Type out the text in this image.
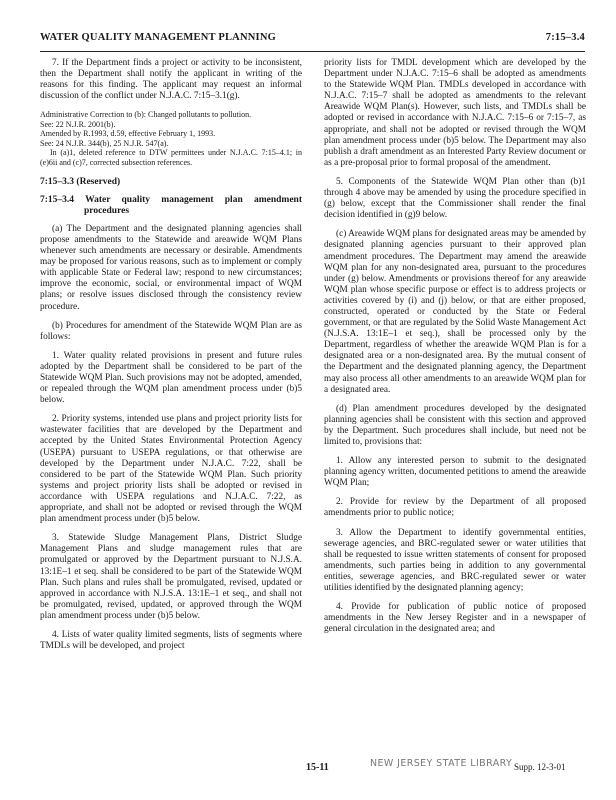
WATER QUALITY MANAGEMENT PLANNING	7:15–3.4

7. If the Department finds a project or activity to be inconsistent, then the Department shall notify the applicant in writing of the reasons for this finding. The applicant may request an informal discussion of the conflict under N.J.A.C. 7:15–3.1(g).

Administrative Correction to (b): Changed pollutants to pollution.

See: 22 N.J.R. 2001(b).

Amended by R.1993, d.59, effective February 1, 1993.

See: 24 N.J.R. 344(b), 25 N.J.R. 547(a).

In (a)1, deleted reference to DTW permittees under N.J.A.C. 7:15–4.1; in (e)6ii and (c)7, corrected subsection references.

7:15–3.3 (Reserved)

7:15–3.4 Water quality management plan amendment procedures

(a) The Department and the designated planning agencies shall propose amendments to the Statewide and areawide WQM Plans whenever such amendments are necessary or desirable. Amendments may be proposed for various reasons, such as to implement or comply with applicable State or Federal law; respond to new circumstances; improve the economic, social, or environmental impact of WQM plans; or resolve issues disclosed through the consistency review procedure.

(b) Procedures for amendment of the Statewide WQM Plan are as follows:

1. Water quality related provisions in present and future rules adopted by the Department shall be considered to be part of the Statewide WQM Plan. Such provisions may not be adopted, amended, or repealed through the WQM plan amendment process under (b)5 below.

2. Priority systems, intended use plans and project priority lists for wastewater facilities that are developed by the Department and accepted by the United States Environmental Protection Agency (USEPA) pursuant to USEPA regulations, or that otherwise are developed by the Department under N.J.A.C. 7:22, shall be considered to be part of the Statewide WQM Plan. Such priority systems and project priority lists shall be adopted or revised in accordance with USEPA regulations and N.J.A.C. 7:22, as appropriate, and shall not be adopted or revised through the WQM plan amendment process under (b)5 below.

3. Statewide Sludge Management Plans, District Sludge Management Plans and sludge management rules that are promulgated or approved by the Department pursuant to N.J.S.A. 13:1E–1 et seq. shall be considered to be part of the Statewide WQM Plan. Such plans and rules shall be promulgated, revised, updated or approved in accordance with N.J.S.A. 13:1E–1 et seq., and shall not be promulgated, revised, updated, or approved through the WQM plan amendment process under (b)5 below.

4. Lists of water quality limited segments, lists of segments where TMDLs will be developed, and project

priority lists for TMDL development which are developed by the Department under N.J.A.C. 7:15–6 shall be adopted as amendments to the Statewide WQM Plan. TMDLs developed in accordance with N.J.A.C. 7:15–7 shall be adopted as amendments to the relevant Areawide WQM Plan(s). However, such lists, and TMDLs shall be adopted or revised in accordance with N.J.A.C. 7:15–6 or 7:15–7, as appropriate, and shall not be adopted or revised through the WQM plan amendment process under (b)5 below. The Department may also publish a draft amendment as an Interested Party Review document or as a pre-proposal prior to formal proposal of the amendment.

5. Components of the Statewide WQM Plan other than (b)1 through 4 above may be amended by using the procedure specified in (g) below, except that the Commissioner shall render the final decision identified in (g)9 below.

(c) Areawide WQM plans for designated areas may be amended by designated planning agencies pursuant to their approved plan amendment procedures. The Department may amend the areawide WQM plan for any non-designated area, pursuant to the procedures under (g) below. Amendments or provisions thereof for any areawide WQM plan whose specific purpose or effect is to address projects or activities covered by (i) and (j) below, or that are either proposed, constructed, operated or conducted by the State or Federal government, or that are regulated by the Solid Waste Management Act (N.J.S.A. 13:1E–1 et seq.), shall be processed only by the Department, regardless of whether the areawide WQM Plan is for a designated area or a non-designated area. By the mutual consent of the Department and the designated planning agency, the Department may also process all other amendments to an areawide WQM plan for a designated area.

(d) Plan amendment procedures developed by the designated planning agencies shall be consistent with this section and approved by the Department. Such procedures shall include, but need not be limited to, provisions that:

1. Allow any interested person to submit to the designated planning agency written, documented petitions to amend the areawide WQM Plan;

2. Provide for review by the Department of all proposed amendments prior to public notice;

3. Allow the Department to identify governmental entities, sewerage agencies, and BRC-regulated sewer or water utilities that shall be requested to issue written statements of consent for proposed amendments, such parties being in addition to any governmental entities, sewerage agencies, and BRC-regulated sewer or water utilities identified by the designated planning agency;

4. Provide for publication of public notice of proposed amendments in the New Jersey Register and in a newspaper of general circulation in the designated area; and

15-11	NEW JERSEY STATE LIBRARY Supp. 12-3-01
